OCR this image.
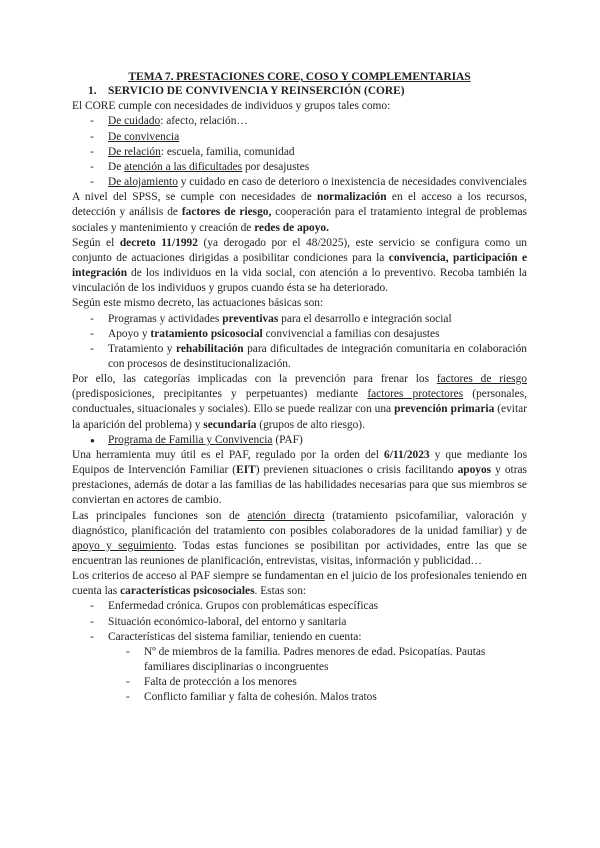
TEMA 7. PRESTACIONES CORE, COSO Y COMPLEMENTARIAS
1.	SERVICIO DE CONVIVENCIA Y REINSERCIÓN (CORE)

El CORE cumple con necesidades de individuos y grupos tales como:

-	De cuidado: afecto, relación…
-	De convivencia
-	De relación: escuela, familia, comunidad
-	De atención a las dificultades por desajustes
-	De alojamiento y cuidado en caso de deterioro o inexistencia de necesidades convivenciales

A nivel del SPSS, se cumple con necesidades de normalización en el acceso a los recursos, detección y análisis de factores de riesgo, cooperación para el tratamiento integral de problemas sociales y mantenimiento y creación de redes de apoyo.

Según el decreto 11/1992 (ya derogado por el 48/2025), este servicio se configura como un conjunto de actuaciones dirigidas a posibilitar condiciones para la convivencia, participación e integración de los individuos en la vida social, con atención a lo preventivo. Recoba también la vinculación de los individuos y grupos cuando ésta se ha deteriorado.

Según este mismo decreto, las actuaciones básicas son:

-	Programas y actividades preventivas para el desarrollo e integración social
-	Apoyo y tratamiento psicosocial convivencial a familias con desajustes
-	Tratamiento y rehabilitación para dificultades de integración comunitaria en colaboración con procesos de desinstitucionalización.

Por ello, las categorías implicadas con la prevención para frenar los factores de riesgo (predisposiciones, precipitantes y perpetuantes) mediante factores protectores (personales, conductuales, situacionales y sociales). Ello se puede realizar con una prevención primaria (evitar la aparición del problema) y secundaria (grupos de alto riesgo).

●	Programa de Familia y Convivencia (PAF)

Una herramienta muy útil es el PAF, regulado por la orden del 6/11/2023 y que mediante los Equipos de Intervención Familiar (EIT) previenen situaciones o crisis facilitando apoyos y otras prestaciones, además de dotar a las familias de las habilidades necesarias para que sus miembros se conviertan en actores de cambio.

Las principales funciones son de atención directa (tratamiento psicofamiliar, valoración y diagnóstico, planificación del tratamiento con posibles colaboradores de la unidad familiar) y de apoyo y seguimiento. Todas estas funciones se posibilitan por actividades, entre las que se encuentran las reuniones de planificación, entrevistas, visitas, información y publicidad…

Los criterios de acceso al PAF siempre se fundamentan en el juicio de los profesionales teniendo en cuenta las características psicosociales. Estas son:

-	Enfermedad crónica. Grupos con problemáticas específicas
-	Situación económico-laboral, del entorno y sanitaria
-	Características del sistema familiar, teniendo en cuenta:
-	Nº de miembros de la familia. Padres menores de edad. Psicopatías. Pautas familiares disciplinarias o incongruentes
-	Falta de protección a los menores
-	Conflicto familiar y falta de cohesión. Malos tratos
